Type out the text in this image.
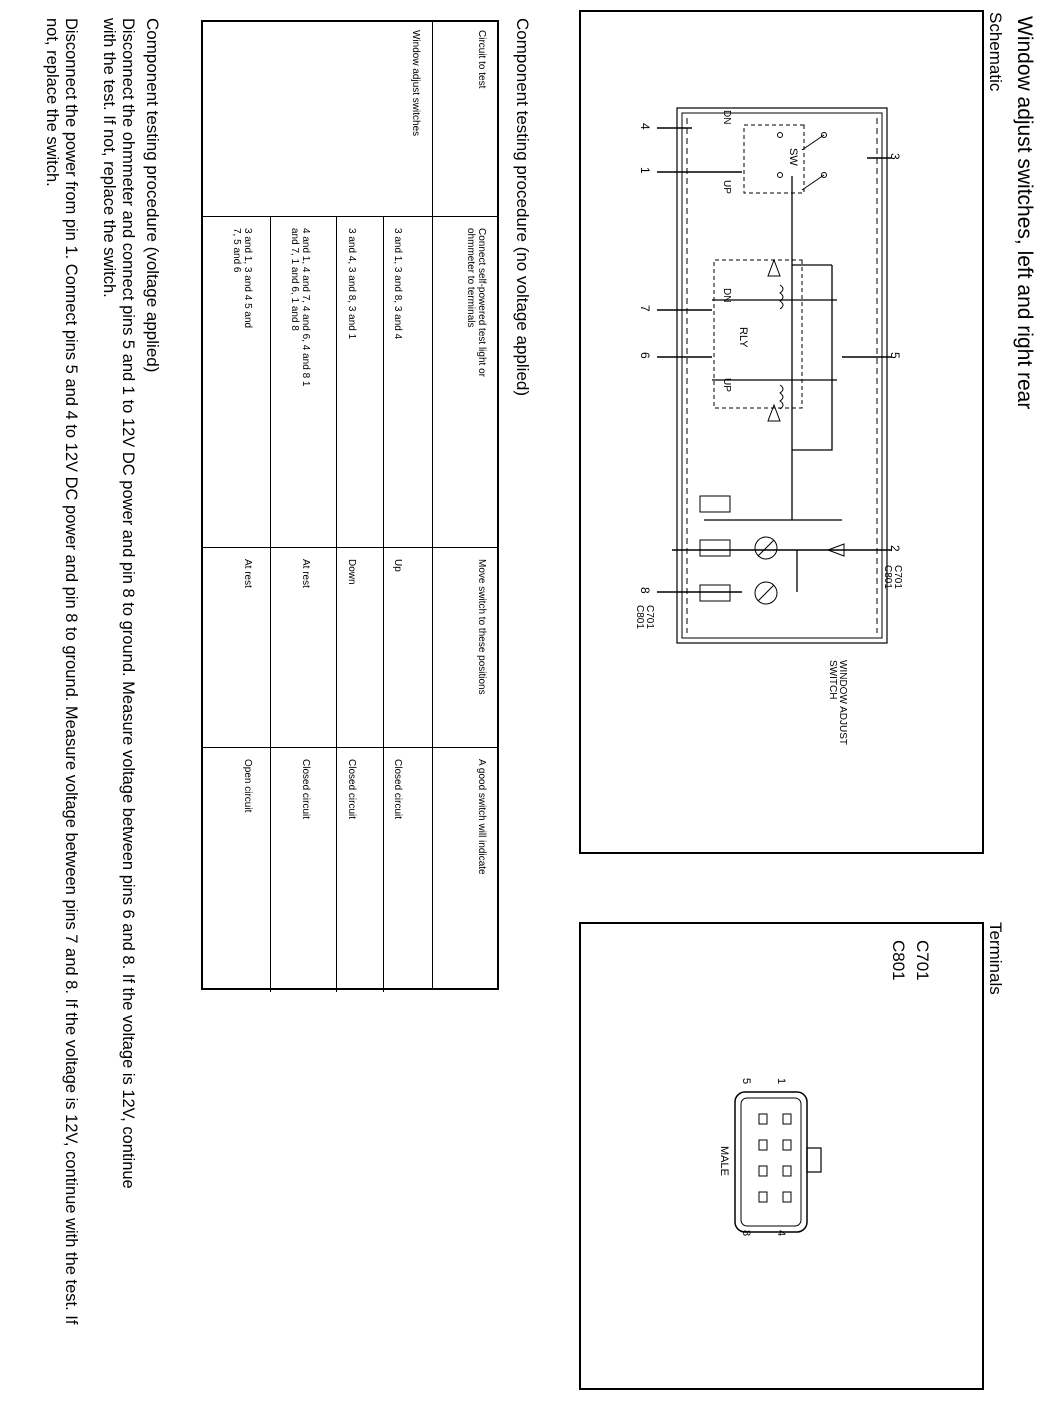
Window adjust switches, left and right rear
Schematic
Terminals
3
5
2
C701 C801
SW
RLY
DN
UP
DN
UP
4
1
7
6
8
C701 C801
WINDOW ADJUST SWITCH
C701
C801
MALE
1
5
4
8
Component testing procedure (no voltage applied)
Circuit to test
Connect self-powered test light or ohmmeter to terminals
Move switch to these positions
A good switch will indicate
Window adjust switches
3 and 1, 3 and 8, 3 and 4
Up
Closed circuit
3 and 4, 3 and 8, 3 and 1
Down
Closed circuit
4 and 1, 4 and 7, 4 and 6, 4 and 8 1 and 7, 1 and 6, 1 and 8
At rest
Closed circuit
3 and 1, 3 and 4 5 and 7, 5 and 6
At rest
Open circuit
Component testing procedure (voltage applied)
Disconnect the ohmmeter and connect pins 5 and 1 to 12V DC power and pin 8 to ground. Measure voltage between pins 6 and 8. If the voltage is 12V, continue with the test. If not, replace the switch.
Disconnect the power from pin 1. Connect pins 5 and 4 to 12V DC power and pin 8 to ground. Measure voltage between pins 7 and 8. If the voltage is 12V, continue with the test. If not, replace the switch.
